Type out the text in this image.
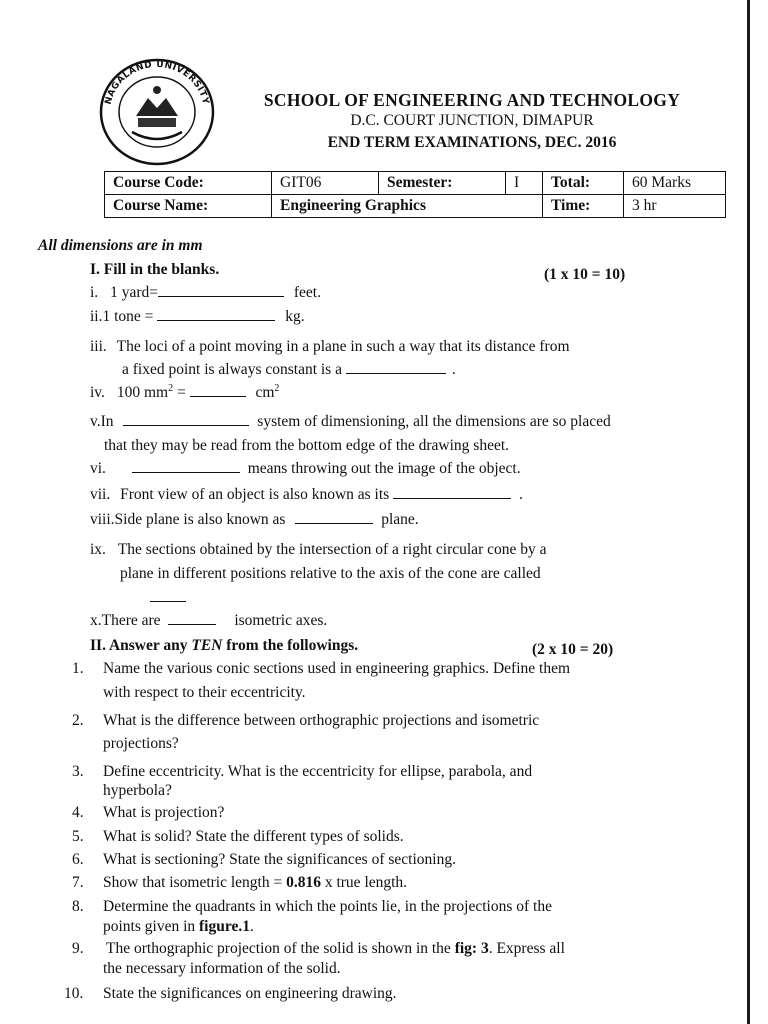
NAGALAND UNIVERSITY	SCHOOL OF ENGINEERING AND TECHNOLOGY
D.C. COURT JUNCTION, DIMAPUR
END TERM EXAMINATIONS, DEC. 2016
Course Code:	GIT06	Semester:	I	Total:	60 Marks
Course Name:	Engineering Graphics			Time:	3 hr
All dimensions are in mm
I. Fill in the blanks.	(1 x 10 = 10)
i. 1 yard=	feet.
ii.1 tone =	kg.
iii. The loci of a point moving in a plane in such a way that its distance from
a fixed point is always constant is a	.
iv. 100 $mm^2$ =	$cm^2$
v.In	system of dimensioning, all the dimensions are so placed
that they may be read from the bottom edge of the drawing sheet.
vi.	means throwing out the image of the object.
vii. Front view of an object is also known as its	.
viii.Side plane is also known as	plane.
ix. The sections obtained by the intersection of a right circular cone by a
plane in different positions relative to the axis of the cone are called
x.There are	isometric axes.
II. Answer any TEN from the followings.	(2 x 10 = 20)
1. Name the various conic sections used in engineering graphics. Define them
with respect to their eccentricity.
2. What is the difference between orthographic projections and isometric
projections?
3. Define eccentricity. What is the eccentricity for ellipse, parabola, and
hyperbola?
4. What is projection?
5. What is solid? State the different types of solids.
6. What is sectioning? State the significances of sectioning.
7. Show that isometric length = 0.816 x true length.
8. Determine the quadrants in which the points lie, in the projections of the
points given in figure.1.
9. The orthographic projection of the solid is shown in the fig: 3. Express all
the necessary information of the solid.
10. State the significances on engineering drawing.
